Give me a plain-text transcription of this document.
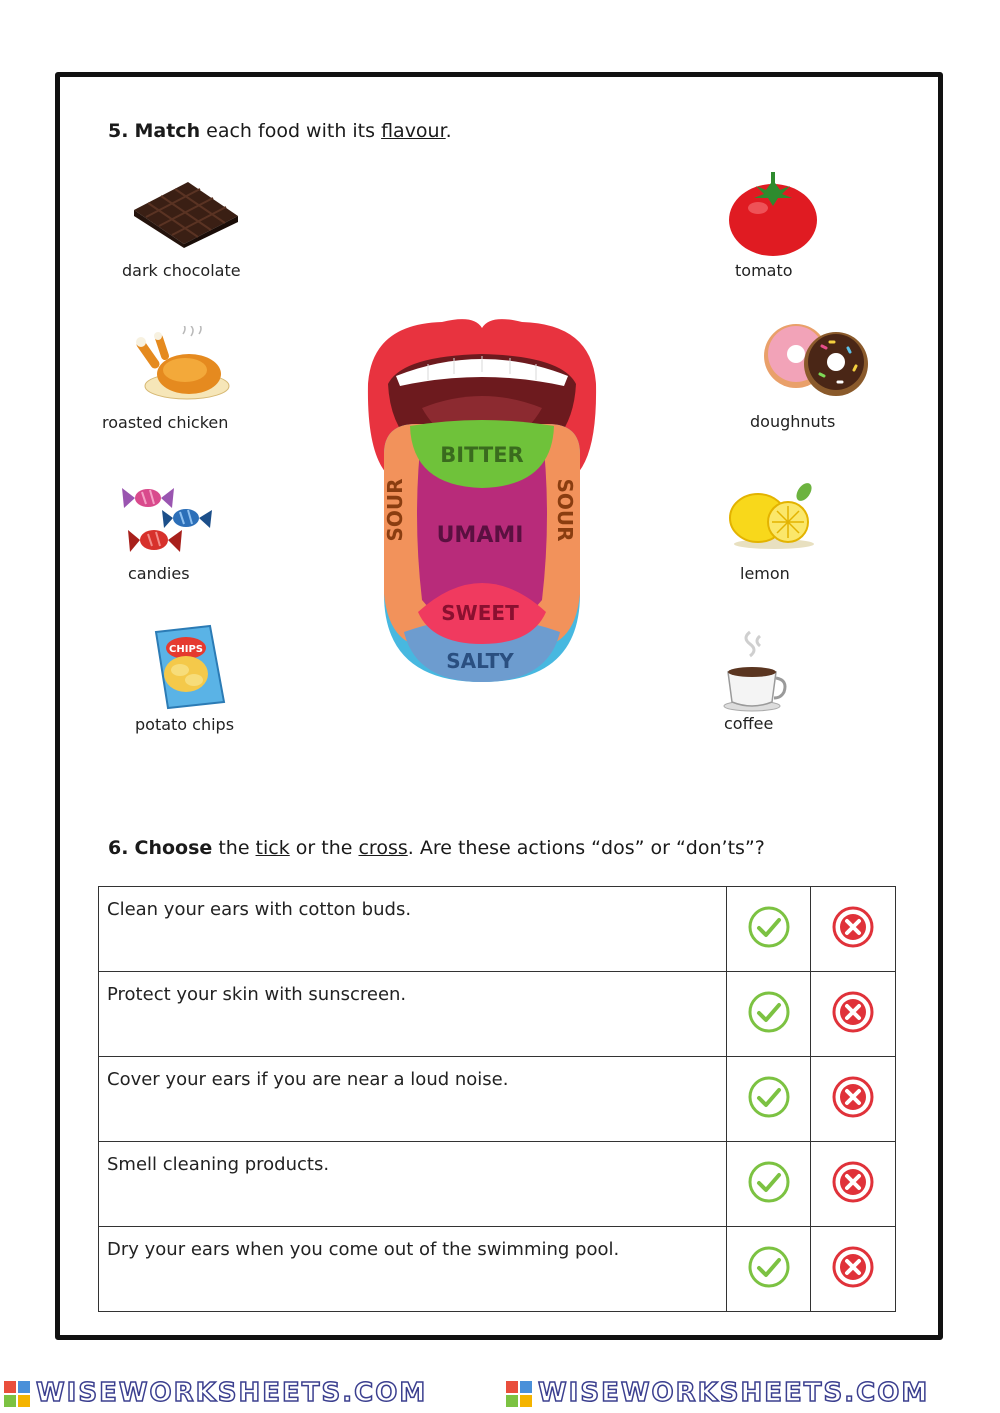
5. Match each food with its flavour.
dark chocolate
roasted chicken
candies
CHIPS
potato chips
tomato
doughnuts
lemon
coffee
BITTER
UMAMI
SWEET
SALTY
SOUR	SOUR
6. Choose the tick or the cross. Are these actions “dos” or “don’ts”?
Clean your ears with cotton buds.		
Protect your skin with sunscreen.		
Cover your ears if you are near a loud noise.		
Smell cleaning products.		
Dry your ears when you come out of the swimming pool.		
WISEWORKSHEETS.COM	WISEWORKSHEETS.COM
